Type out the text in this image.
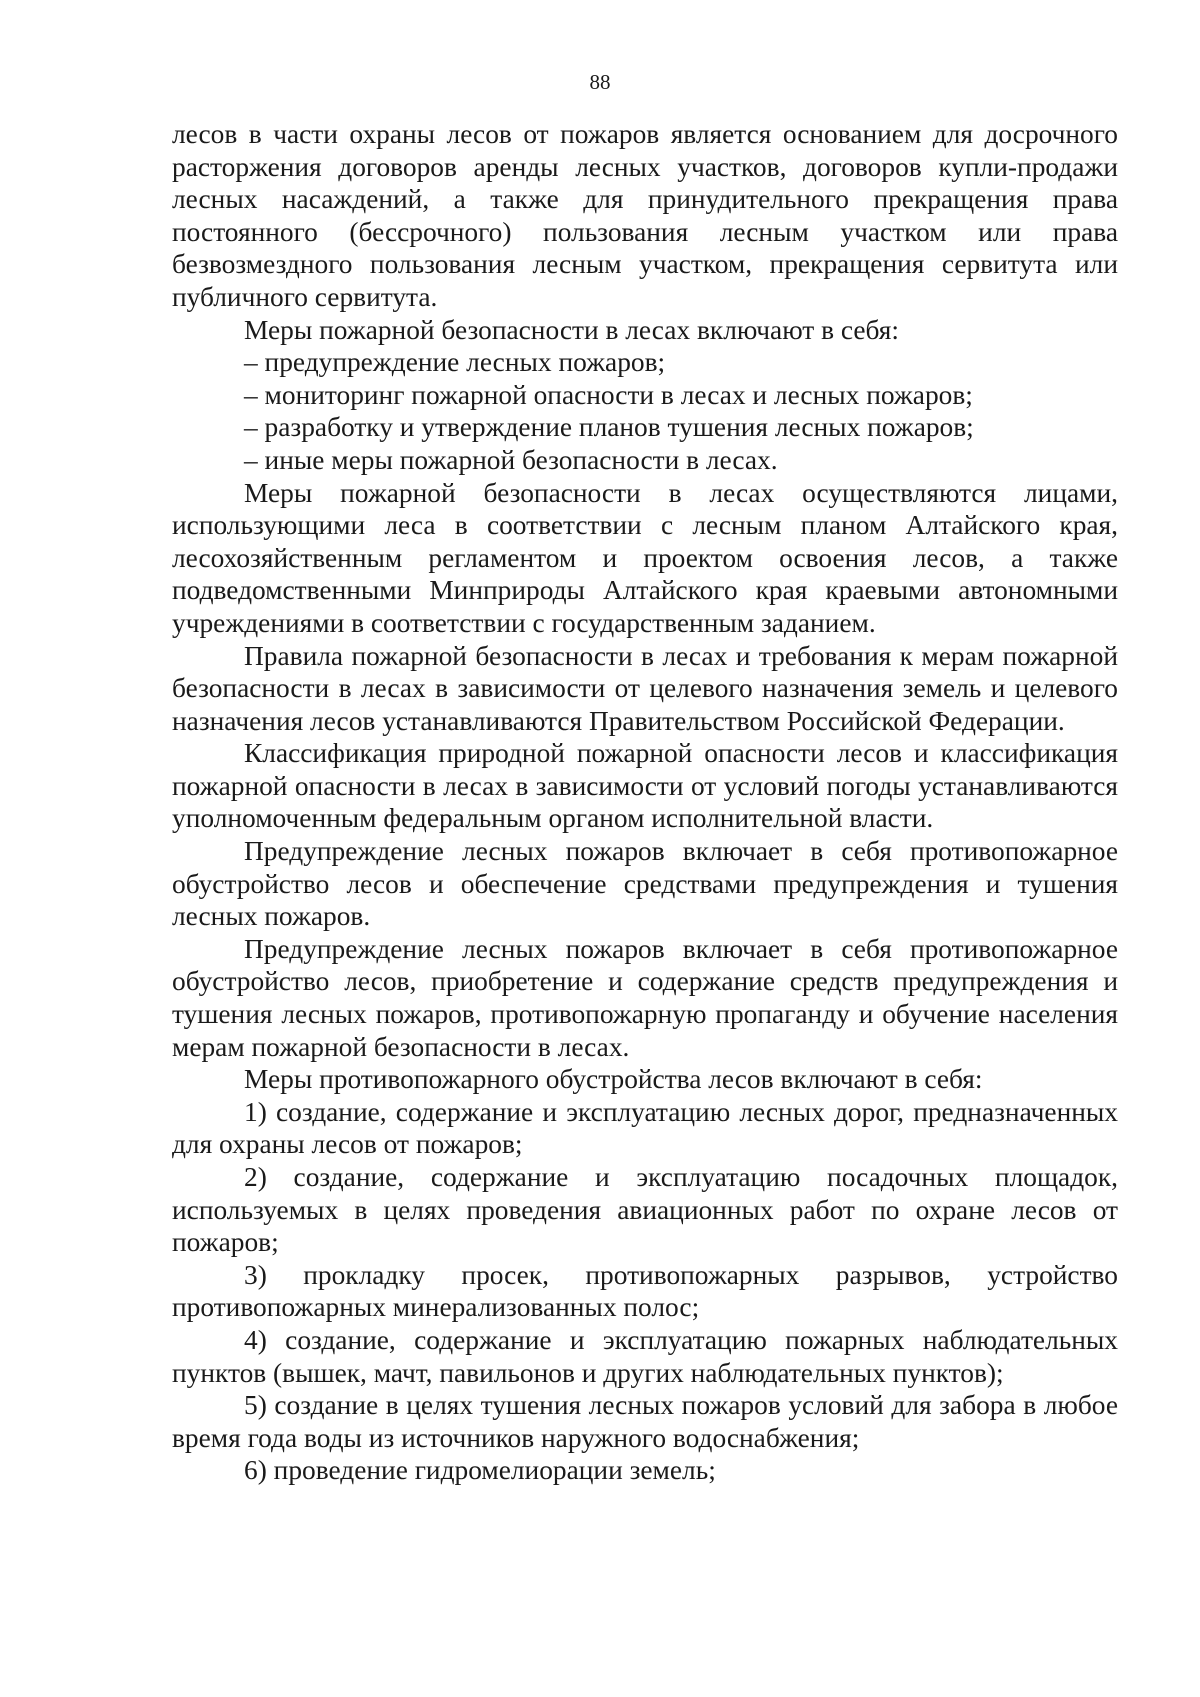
88

лесов в части охраны лесов от пожаров является основанием для досрочного расторжения договоров аренды лесных участков, договоров купли-продажи лесных насаждений, а также для принудительного прекращения права постоянного (бессрочного) пользования лесным участком или права безвозмездного пользования лесным участком, прекращения сервитута или публичного сервитута.

Меры пожарной безопасности в лесах включают в себя:

– предупреждение лесных пожаров;

– мониторинг пожарной опасности в лесах и лесных пожаров;

– разработку и утверждение планов тушения лесных пожаров;

– иные меры пожарной безопасности в лесах.

Меры пожарной безопасности в лесах осуществляются лицами, использующими леса в соответствии с лесным планом Алтайского края, лесохозяйственным регламентом и проектом освоения лесов, а также подведомственными Минприроды Алтайского края краевыми автономными учреждениями в соответствии с государственным заданием.

Правила пожарной безопасности в лесах и требования к мерам пожарной безопасности в лесах в зависимости от целевого назначения земель и целевого назначения лесов устанавливаются Правительством Российской Федерации.

Классификация природной пожарной опасности лесов и классификация пожарной опасности в лесах в зависимости от условий погоды устанавливаются уполномоченным федеральным органом исполнительной власти.

Предупреждение лесных пожаров включает в себя противопожарное обустройство лесов и обеспечение средствами предупреждения и тушения лесных пожаров.

Предупреждение лесных пожаров включает в себя противопожарное обустройство лесов, приобретение и содержание средств предупреждения и тушения лесных пожаров, противопожарную пропаганду и обучение населения мерам пожарной безопасности в лесах.

Меры противопожарного обустройства лесов включают в себя:

1) создание, содержание и эксплуатацию лесных дорог, предназначенных для охраны лесов от пожаров;

2) создание, содержание и эксплуатацию посадочных площадок, используемых в целях проведения авиационных работ по охране лесов от пожаров;

3) прокладку просек, противопожарных разрывов, устройство противопожарных минерализованных полос;

4) создание, содержание и эксплуатацию пожарных наблюдательных пунктов (вышек, мачт, павильонов и других наблюдательных пунктов);

5) создание в целях тушения лесных пожаров условий для забора в любое время года воды из источников наружного водоснабжения;

6) проведение гидромелиорации земель;
